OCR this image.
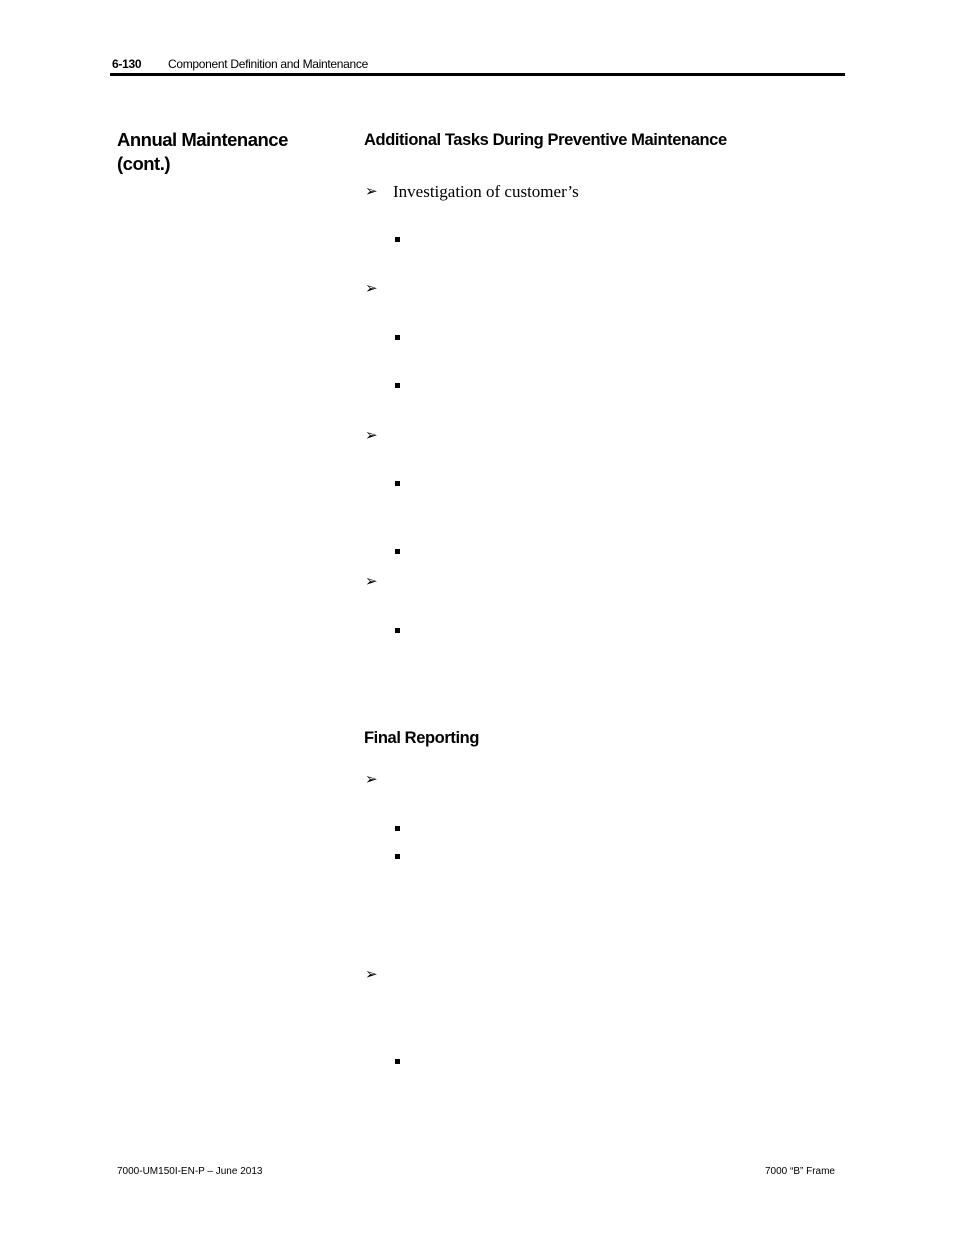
6-130 Component Definition and Maintenance
Annual Maintenance (cont.)
Additional Tasks During Preventive Maintenance
➢ Investigation of customer’s
➢
➢
➢
Final Reporting
➢
➢
7000-UM150I-EN-P – June 2013	7000 “B” Frame
